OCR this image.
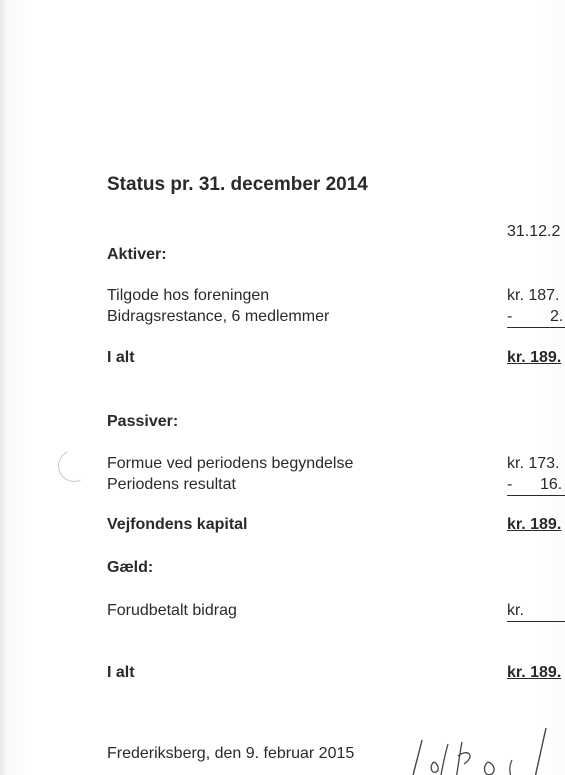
Status pr. 31. december 2014
31.12.2
Aktiver:
Tilgode hos foreningen	kr. 187.
Bidragsrestance, 6 medlemmer	- 2.
I alt	kr. 189.
Passiver:
Formue ved periodens begyndelse	kr. 173.
Periodens resultat	- 16.
Vejfondens kapital	kr. 189.
Gæld:
Forudbetalt bidrag	kr.
I alt	kr. 189.
Frederiksberg, den 9. februar 2015
